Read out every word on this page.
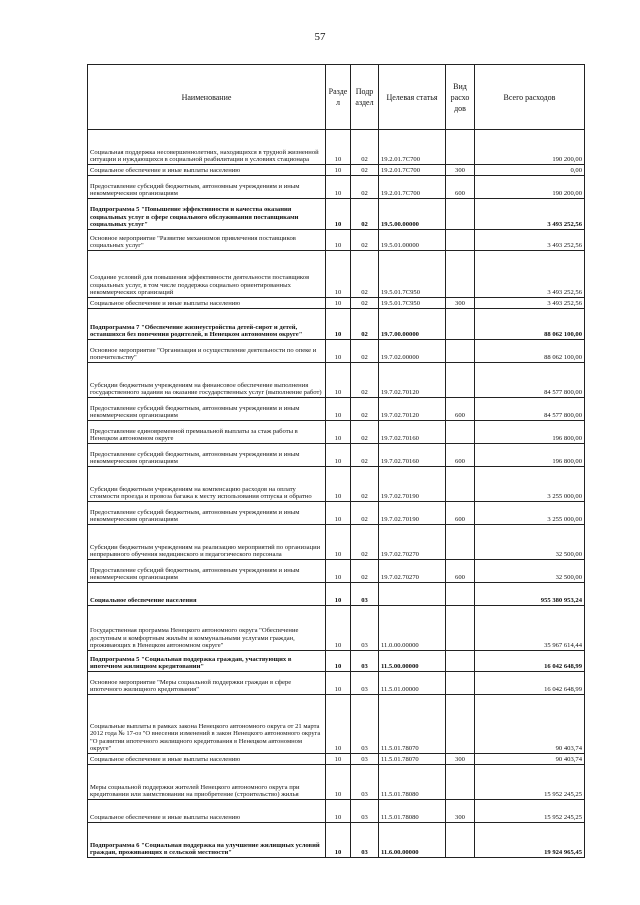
57
Наименование	Разде л	Подр аздел	Целевая статья	Вид расхо дов	Всего расходов
Социальная поддержка несовершеннолетних, находящихся в трудной жизненной ситуации и нуждающихся в социальной реабилитации в условиях стационара	10	02	19.2.01.7С700		190 200,00
Социальное обеспечение и иные выплаты населению	10	02	19.2.01.7С700	300	0,00
Предоставление субсидий бюджетным, автономным учреждениям и иным некоммерческим организациям	10	02	19.2.01.7С700	600	190 200,00
Подпрограмма 5 "Повышение эффективности и качества оказания социальных услуг в сфере социального обслуживания поставщиками социальных услуг"	10	02	19.5.00.00000		3 493 252,56
Основное мероприятие "Развитие механизмов привлечения поставщиков социальных услуг"	10	02	19.5.01.00000		3 493 252,56
Создание условий для повышения эффективности деятельности поставщиков социальных услуг, в том числе поддержка социально ориентированных некоммерческих организаций	10	02	19.5.01.7С950		3 493 252,56
Социальное обеспечение и иные выплаты населению	10	02	19.5.01.7С950	300	3 493 252,56
Подпрограмма 7 "Обеспечение жизнеустройства детей-сирот и детей, оставшихся без попечения родителей, в Ненецком автономном округе"	10	02	19.7.00.00000		88 062 100,00
Основное мероприятие "Организация и осуществление деятельности по опеке и попечительству"	10	02	19.7.02.00000		88 062 100,00
Субсидии бюджетным учреждениям на финансовое обеспечение выполнения государственного задания на оказание государственных услуг (выполнение работ)	10	02	19.7.02.70120		84 577 800,00
Предоставление субсидий бюджетным, автономным учреждениям и иным некоммерческим организациям	10	02	19.7.02.70120	600	84 577 800,00
Предоставление единовременной премиальной выплаты за стаж работы в Ненецком автономном округе	10	02	19.7.02.70160		196 800,00
Предоставление субсидий бюджетным, автономным учреждениям и иным некоммерческим организациям	10	02	19.7.02.70160	600	196 800,00
Субсидии бюджетным учреждениям на компенсацию расходов на оплату стоимости проезда и провоза багажа к месту использования отпуска и обратно	10	02	19.7.02.70190		3 255 000,00
Предоставление субсидий бюджетным, автономным учреждениям и иным некоммерческим организациям	10	02	19.7.02.70190	600	3 255 000,00
Субсидии бюджетным учреждениям на реализацию мероприятий по организации непрерывного обучения медицинского и педагогического персонала	10	02	19.7.02.70270		32 500,00
Предоставление субсидий бюджетным, автономным учреждениям и иным некоммерческим организациям	10	02	19.7.02.70270	600	32 500,00
Социальное обеспечение населения	10	03			955 380 953,24
Государственная программа Ненецкого автономного округа "Обеспечение доступным и комфортным жильём и коммунальными услугами граждан, проживающих в Ненецком автономном округе"	10	03	11.0.00.00000		35 967 614,44
Подпрограмма 5 "Социальная поддержка граждан, участвующих в ипотечном жилищном кредитовании"	10	03	11.5.00.00000		16 042 648,99
Основное мероприятие "Меры социальной поддержки граждан в сфере ипотечного жилищного кредитования"	10	03	11.5.01.00000		16 042 648,99
Социальные выплаты в рамках закона Ненецкого автономного округа от 21 марта 2012 года № 17-оз "О внесении изменений в закон Ненецкого автономного округа "О развитии ипотечного жилищного кредитования в Ненецком автономном округе"	10	03	11.5.01.78070		90 403,74
Социальное обеспечение и иные выплаты населению	10	03	11.5.01.78070	300	90 403,74
Меры социальной поддержки жителей Ненецкого автономного округа при кредитовании или заимствовании на приобретение (строительство) жилья	10	03	11.5.01.78080		15 952 245,25
Социальное обеспечение и иные выплаты населению	10	03	11.5.01.78080	300	15 952 245,25
Подпрограмма 6 "Социальная поддержка на улучшение жилищных условий граждан, проживающих в сельской местности"	10	03	11.6.00.00000		19 924 965,45
